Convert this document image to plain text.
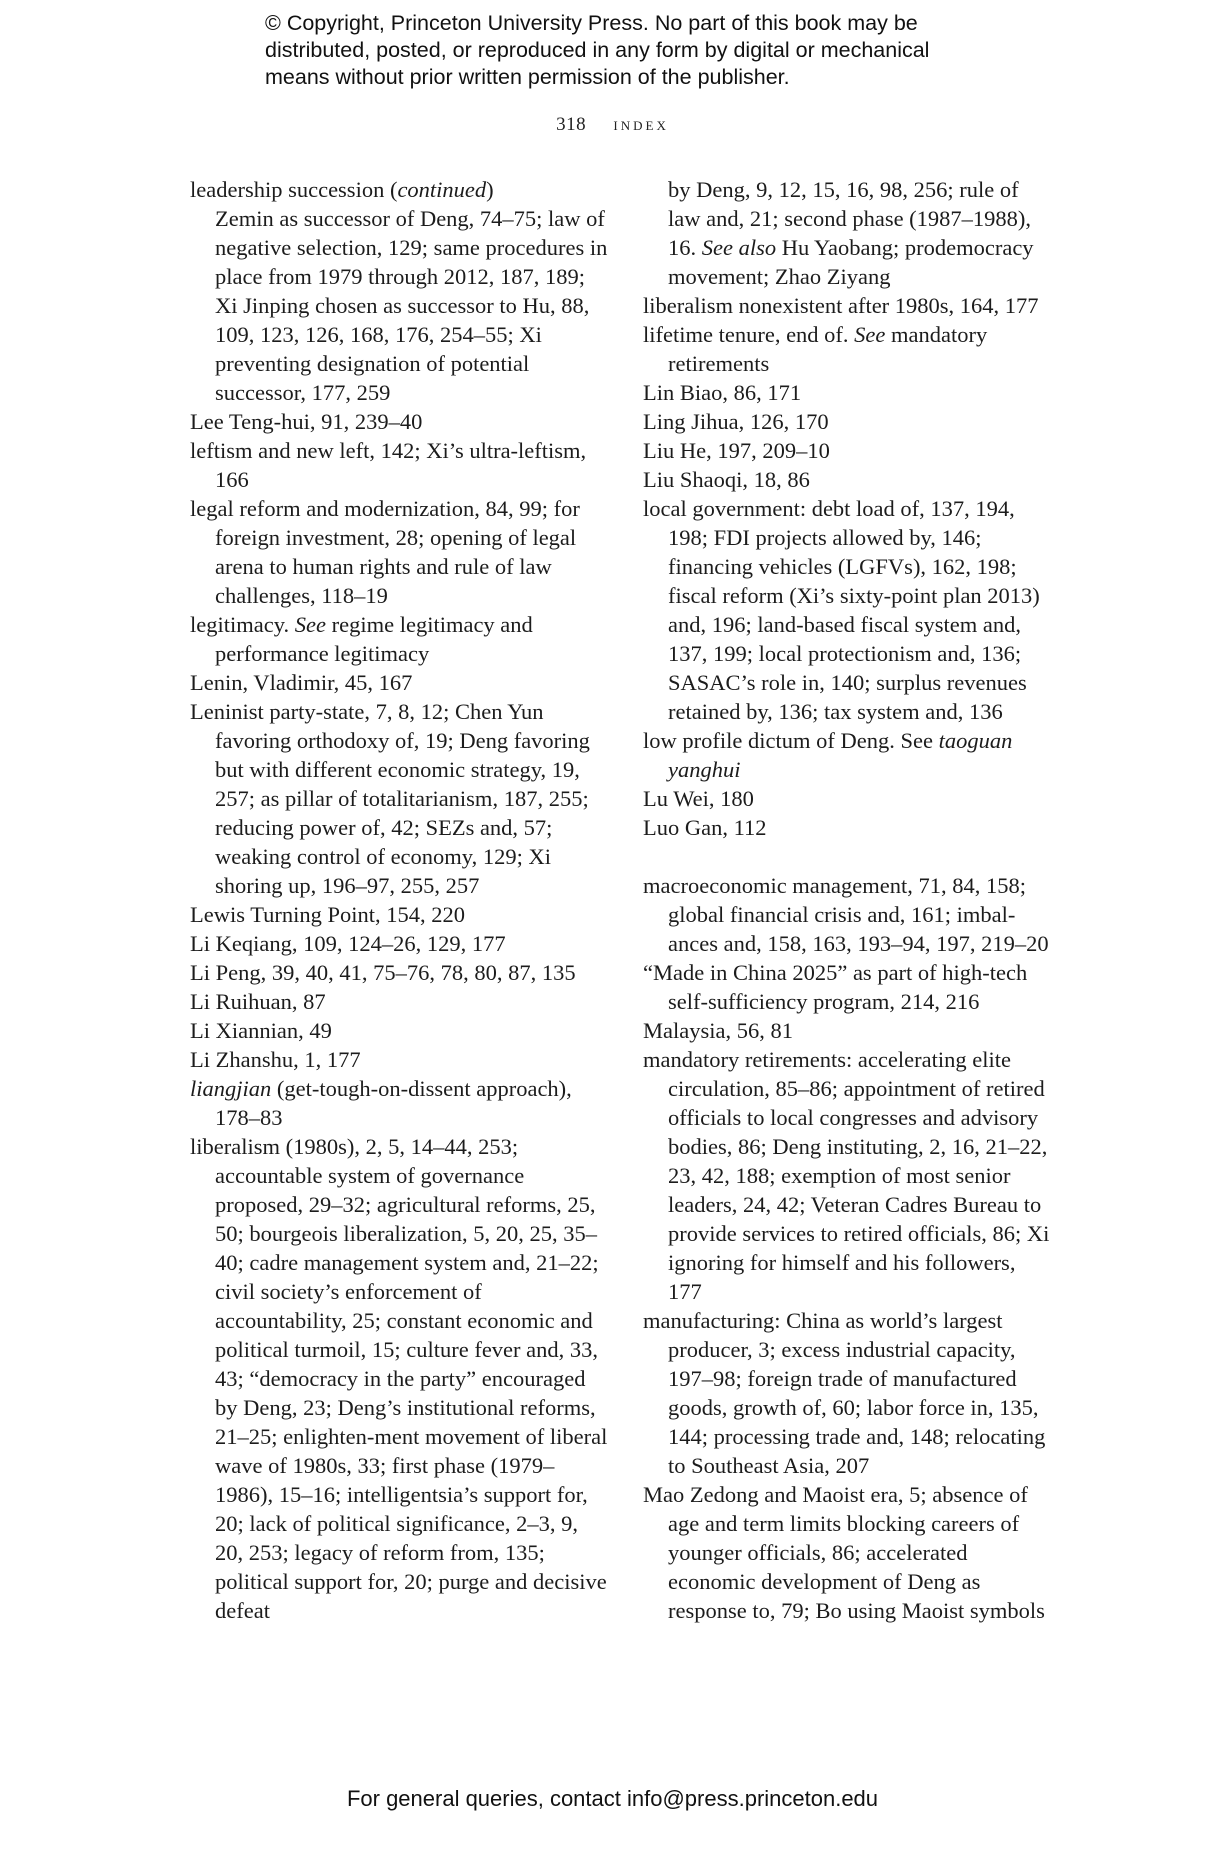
© Copyright, Princeton University Press. No part of this book may be
distributed, posted, or reproduced in any form by digital or mechanical
means without prior written permission of the publisher.
318 index
leadership succession (continued)
Zemin as successor of Deng, 74–75; law of negative selection, 129; same procedures in place from 1979 through 2012, 187, 189; Xi Jinping chosen as successor to Hu, 88, 109, 123, 126, 168, 176, 254–55; Xi preventing designation of potential successor, 177, 259
Lee Teng-hui, 91, 239–40
leftism and new left, 142; Xi’s ultra-leftism, 166
legal reform and modernization, 84, 99; for foreign investment, 28; opening of legal arena to human rights and rule of law challenges, 118–19
legitimacy. See regime legitimacy and performance legitimacy
Lenin, Vladimir, 45, 167
Leninist party-state, 7, 8, 12; Chen Yun favoring orthodoxy of, 19; Deng favoring but with different economic strategy, 19, 257; as pillar of totalitarianism, 187, 255; reducing power of, 42; SEZs and, 57; weaking control of economy, 129; Xi shoring up, 196–97, 255, 257
Lewis Turning Point, 154, 220
Li Keqiang, 109, 124–26, 129, 177
Li Peng, 39, 40, 41, 75–76, 78, 80, 87, 135
Li Ruihuan, 87
Li Xiannian, 49
Li Zhanshu, 1, 177
liangjian (get-tough-on-dissent approach), 178–83
liberalism (1980s), 2, 5, 14–44, 253; accountable system of governance proposed, 29–32; agricultural reforms, 25, 50; bourgeois liberalization, 5, 20, 25, 35–40; cadre management system and, 21–22; civil society’s enforcement of accountability, 25; constant economic and political turmoil, 15; culture fever and, 33, 43; “democracy in the party” encouraged by Deng, 23; Deng’s institutional reforms, 21–25; enlighten-ment movement of liberal wave of 1980s, 33; first phase (1979–1986), 15–16; intelligentsia’s support for, 20; lack of political significance, 2–3, 9, 20, 253; legacy of reform from, 135; political support for, 20; purge and decisive defeat
by Deng, 9, 12, 15, 16, 98, 256; rule of law and, 21; second phase (1987–1988), 16. See also Hu Yaobang; prodemocracy movement; Zhao Ziyang
liberalism nonexistent after 1980s, 164, 177
lifetime tenure, end of. See mandatory retirements
Lin Biao, 86, 171
Ling Jihua, 126, 170
Liu He, 197, 209–10
Liu Shaoqi, 18, 86
local government: debt load of, 137, 194, 198; FDI projects allowed by, 146; financing vehicles (LGFVs), 162, 198; fiscal reform (Xi’s sixty-point plan 2013) and, 196; land-based fiscal system and, 137, 199; local protectionism and, 136; SASAC’s role in, 140; surplus revenues retained by, 136; tax system and, 136
low profile dictum of Deng. See taoguan yanghui
Lu Wei, 180
Luo Gan, 112
macroeconomic management, 71, 84, 158; global financial crisis and, 161; imbal-ances and, 158, 163, 193–94, 197, 219–20
“Made in China 2025” as part of high-tech self-sufficiency program, 214, 216
Malaysia, 56, 81
mandatory retirements: accelerating elite circulation, 85–86; appointment of retired officials to local congresses and advisory bodies, 86; Deng instituting, 2, 16, 21–22, 23, 42, 188; exemption of most senior leaders, 24, 42; Veteran Cadres Bureau to provide services to retired officials, 86; Xi ignoring for himself and his followers, 177
manufacturing: China as world’s largest producer, 3; excess industrial capacity, 197–98; foreign trade of manufactured goods, growth of, 60; labor force in, 135, 144; processing trade and, 148; relocating to Southeast Asia, 207
Mao Zedong and Maoist era, 5; absence of age and term limits blocking careers of younger officials, 86; accelerated economic development of Deng as response to, 79; Bo using Maoist symbols
For general queries, contact info@press.princeton.edu
